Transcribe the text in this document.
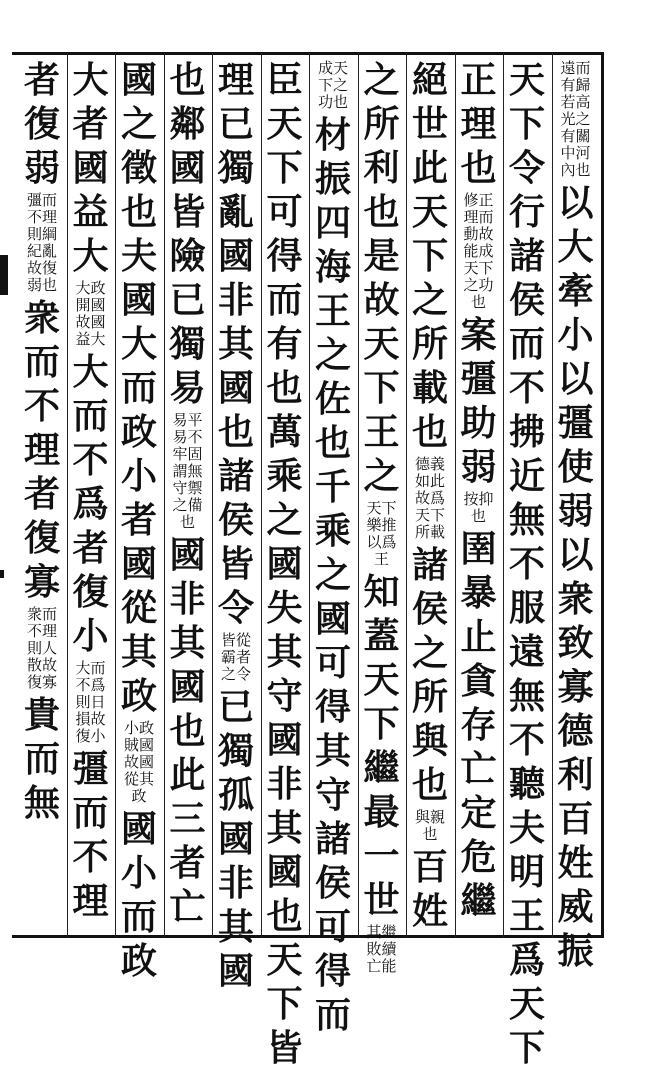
遠而有歸若高光之有關中河內也
以大牽小以彊使弱以衆致寡德利百姓威振
天下令行諸侯而不拂近無不服遠無不聽夫明王爲天下
正理也
修正理而動故能成天下之功也
案彊助弱
按抑也
圉暴止貪存亡定危繼
絕世此天下之所載也
德義如此故爲天下所載
諸侯之所與也
與親也
百姓
之所利也是故天下王之
天下樂推以爲王
知蓋天下繼最一世
其繼敗續亡能
成天下之功也
材振四海王之佐也千乘之國可得其守諸侯可得而
臣天下可得而有也萬乘之國失其守國非其國也天下皆
理已獨亂國非其國也諸侯皆令
皆從霸者之令
已獨孤國非其國
也鄰國皆險已獨易
易平易不牢固謂無守禦之備也
國非其國也此三者亡
國之徵也夫國大而政小者國從其政
小政賊國故國從其政
國小而政
大者國益大
大政開國故國益大
大而不爲者復小
大而不爲則日損故復小
彊而不理
者復弱
彊而不理則綱紀亂故復弱也
衆而不理者復寡
衆而不理則人散故復寡
貴而無
